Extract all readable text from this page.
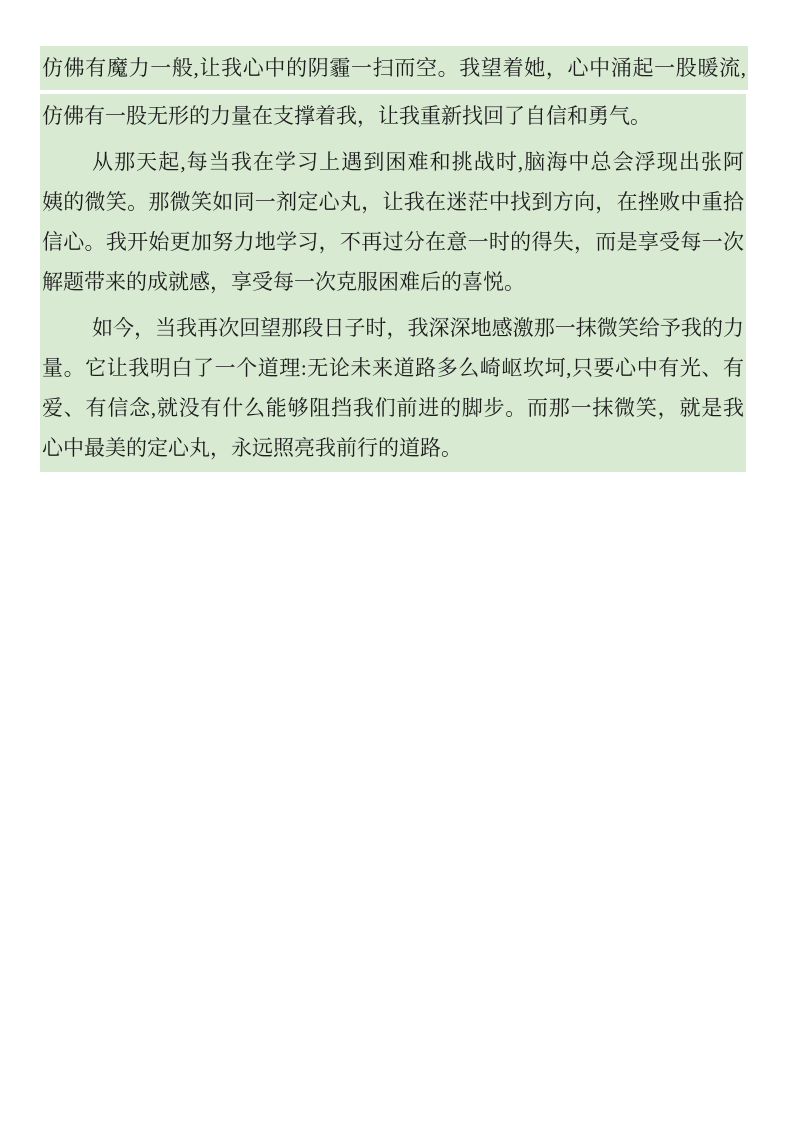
仿佛有魔力一般,让我心中的阴霾一扫而空。我望着她，心中涌起一股暖流,
仿佛有一股无形的力量在支撑着我，让我重新找回了自信和勇气。
从那天起,每当我在学习上遇到困难和挑战时,脑海中总会浮现出张阿
姨的微笑。那微笑如同一剂定心丸，让我在迷茫中找到方向，在挫败中重拾
信心。我开始更加努力地学习，不再过分在意一时的得失，而是享受每一次
解题带来的成就感，享受每一次克服困难后的喜悦。
如今，当我再次回望那段日子时，我深深地感激那一抹微笑给予我的力
量。它让我明白了一个道理:无论未来道路多么崎岖坎坷,只要心中有光、有
爱、有信念,就没有什么能够阻挡我们前进的脚步。而那一抹微笑，就是我
心中最美的定心丸，永远照亮我前行的道路。
